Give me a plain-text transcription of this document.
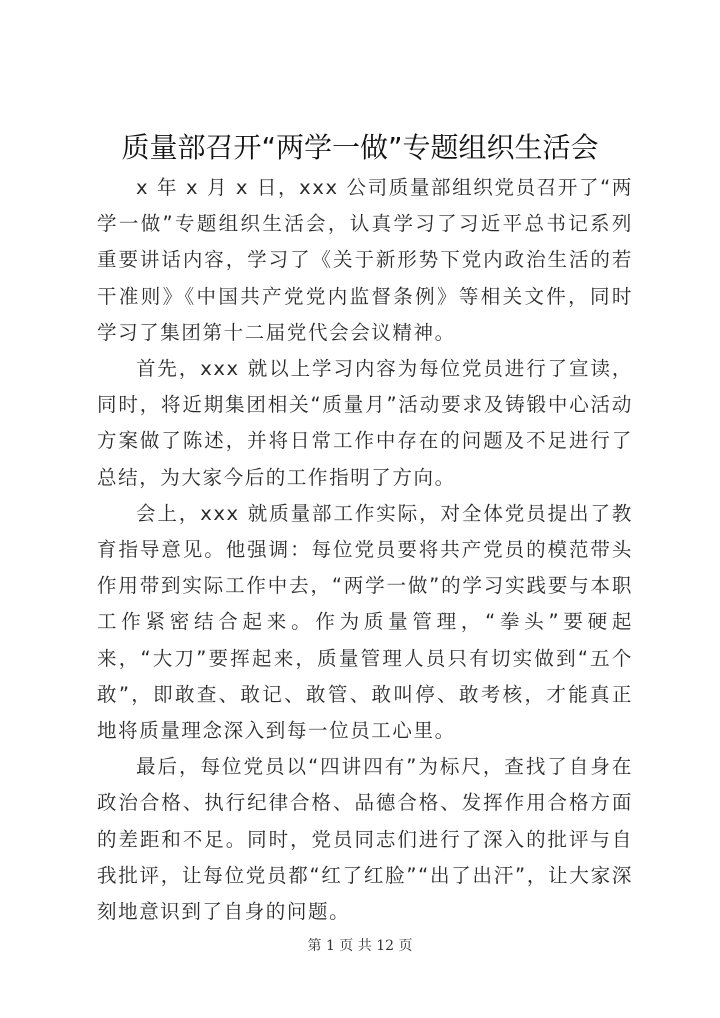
质量部召开“两学一做”专题组织生活会

x 年 x 月 x 日，xxx 公司质量部组织党员召开了“两学一做”专题组织生活会，认真学习了习近平总书记系列重要讲话内容，学习了《关于新形势下党内政治生活的若干准则》《中国共产党党内监督条例》等相关文件，同时学习了集团第十二届党代会会议精神。

首先，xxx 就以上学习内容为每位党员进行了宣读，同时，将近期集团相关“质量月”活动要求及铸锻中心活动方案做了陈述，并将日常工作中存在的问题及不足进行了总结，为大家今后的工作指明了方向。

会上，xxx 就质量部工作实际，对全体党员提出了教育指导意见。他强调：每位党员要将共产党员的模范带头作用带到实际工作中去，“两学一做”的学习实践要与本职工作紧密结合起来。作为质量管理，“拳头”要硬起来，“大刀”要挥起来，质量管理人员只有切实做到“五个敢”，即敢查、敢记、敢管、敢叫停、敢考核，才能真正地将质量理念深入到每一位员工心里。

最后，每位党员以“四讲四有”为标尺，查找了自身在政治合格、执行纪律合格、品德合格、发挥作用合格方面的差距和不足。同时，党员同志们进行了深入的批评与自我批评，让每位党员都“红了红脸”“出了出汗”，让大家深刻地意识到了自身的问题。

第 1 页 共 12 页
